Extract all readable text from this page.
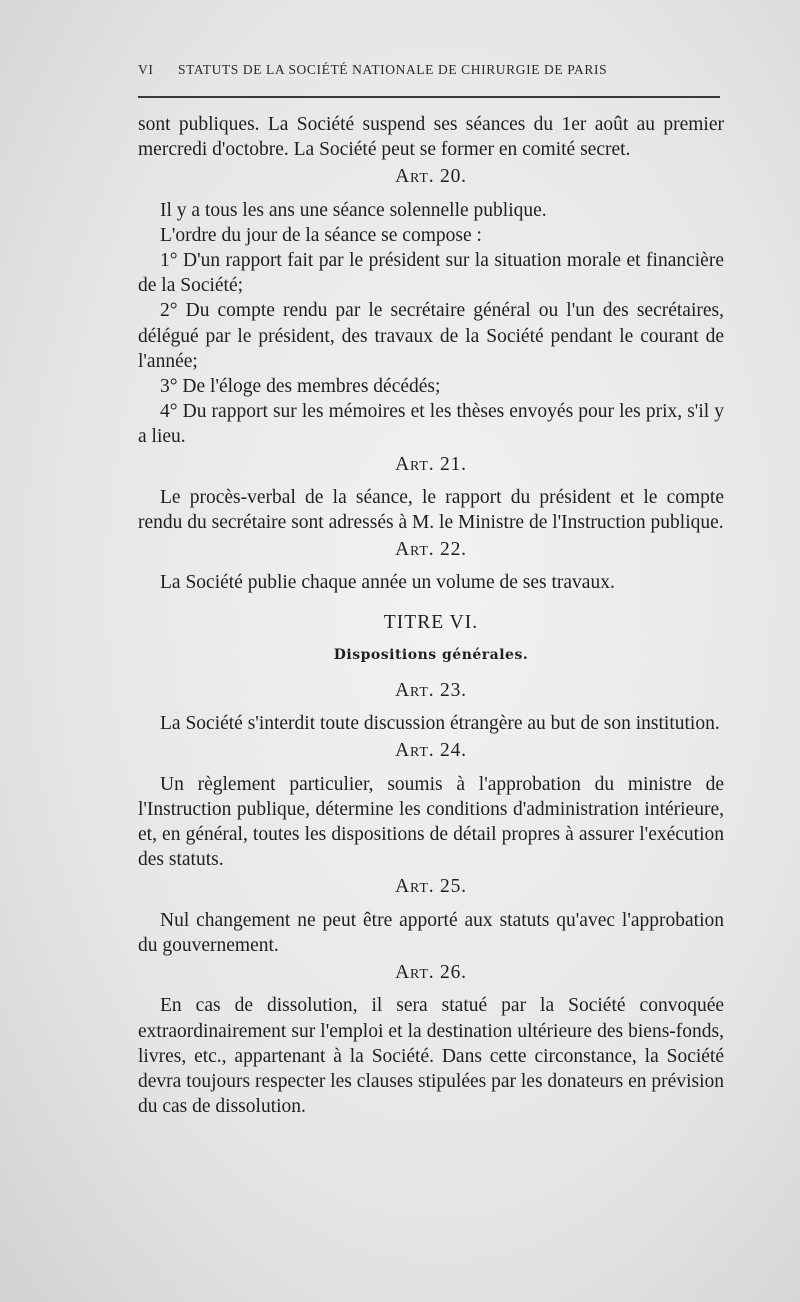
VI	STATUTS DE LA SOCIÉTÉ NATIONALE DE CHIRURGIE DE PARIS

sont publiques. La Société suspend ses séances du 1er août au premier mercredi d'octobre. La Société peut se former en comité secret.

Art. 20.

Il y a tous les ans une séance solennelle publique.

L'ordre du jour de la séance se compose :

1° D'un rapport fait par le président sur la situation morale et financière de la Société;

2° Du compte rendu par le secrétaire général ou l'un des secrétaires, délégué par le président, des travaux de la Société pendant le courant de l'année;

3° De l'éloge des membres décédés;

4° Du rapport sur les mémoires et les thèses envoyés pour les prix, s'il y a lieu.

Art. 21.

Le procès-verbal de la séance, le rapport du président et le compte rendu du secrétaire sont adressés à M. le Ministre de l'Instruction publique.

Art. 22.

La Société publie chaque année un volume de ses travaux.

TITRE VI.
Dispositions générales.
Art. 23.

La Société s'interdit toute discussion étrangère au but de son institution.

Art. 24.

Un règlement particulier, soumis à l'approbation du ministre de l'Instruction publique, détermine les conditions d'administration intérieure, et, en général, toutes les dispositions de détail propres à assurer l'exécution des statuts.

Art. 25.

Nul changement ne peut être apporté aux statuts qu'avec l'approbation du gouvernement.

Art. 26.

En cas de dissolution, il sera statué par la Société convoquée extraordinairement sur l'emploi et la destination ultérieure des biens-fonds, livres, etc., appartenant à la Société. Dans cette circonstance, la Société devra toujours respecter les clauses stipulées par les donateurs en prévision du cas de dissolution.
